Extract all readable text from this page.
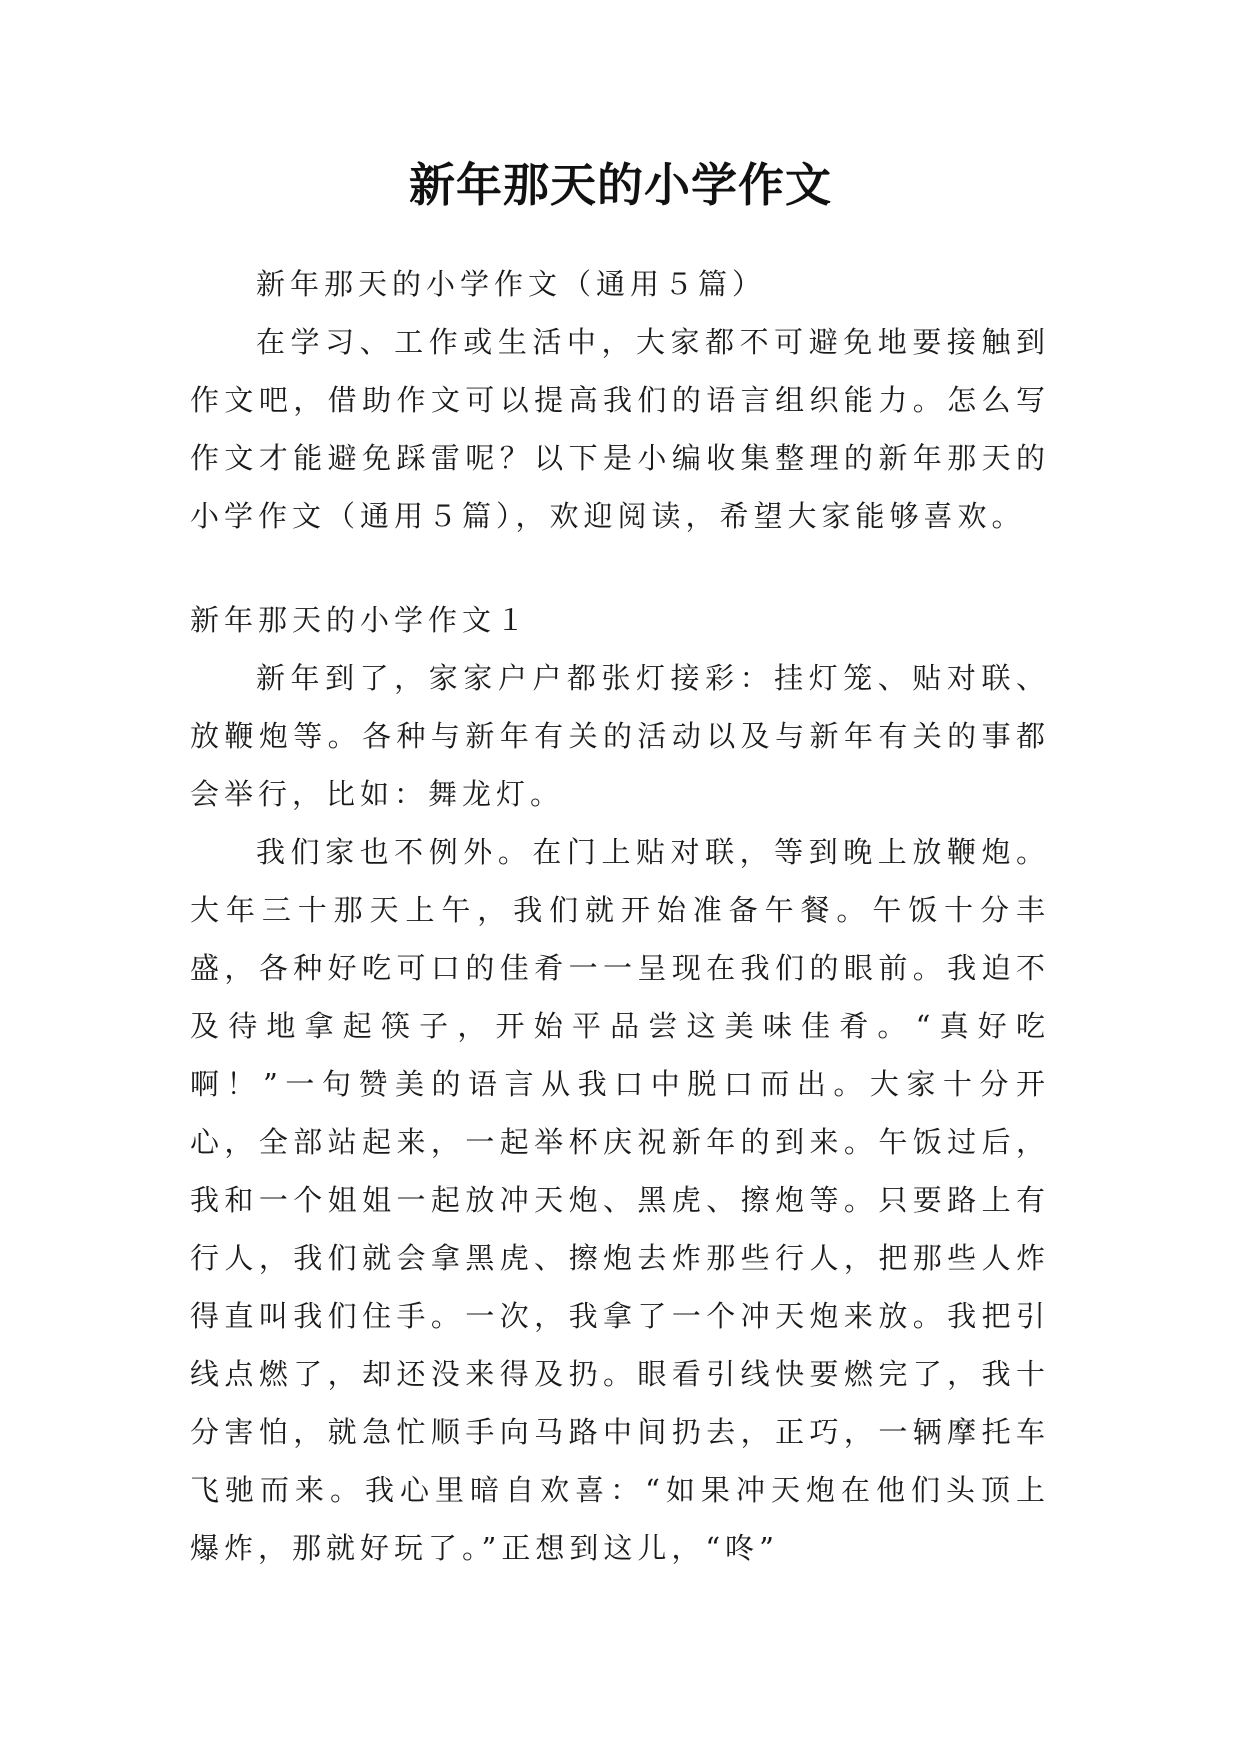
新年那天的小学作文

新年那天的小学作文（通用５篇）

在学习、工作或生活中，大家都不可避免地要接触到作文吧，借助作文可以提高我们的语言组织能力。怎么写作文才能避免踩雷呢？以下是小编收集整理的新年那天的小学作文（通用５篇），欢迎阅读，希望大家能够喜欢。

新年那天的小学作文１

新年到了，家家户户都张灯接彩：挂灯笼、贴对联、放鞭炮等。各种与新年有关的活动以及与新年有关的事都会举行，比如：舞龙灯。

我们家也不例外。在门上贴对联，等到晚上放鞭炮。大年三十那天上午，我们就开始准备午餐。午饭十分丰盛，各种好吃可口的佳肴一一呈现在我们的眼前。我迫不及待地拿起筷子，开始平品尝这美味佳肴。“真好吃啊！”一句赞美的语言从我口中脱口而出。大家十分开心，全部站起来，一起举杯庆祝新年的到来。午饭过后，我和一个姐姐一起放冲天炮、黑虎、擦炮等。只要路上有行人，我们就会拿黑虎、擦炮去炸那些行人，把那些人炸得直叫我们住手。一次，我拿了一个冲天炮来放。我把引线点燃了，却还没来得及扔。眼看引线快要燃完了，我十分害怕，就急忙顺手向马路中间扔去，正巧，一辆摩托车飞驰而来。我心里暗自欢喜：“如果冲天炮在他们头顶上爆炸，那就好玩了。”正想到这儿，“咚”
